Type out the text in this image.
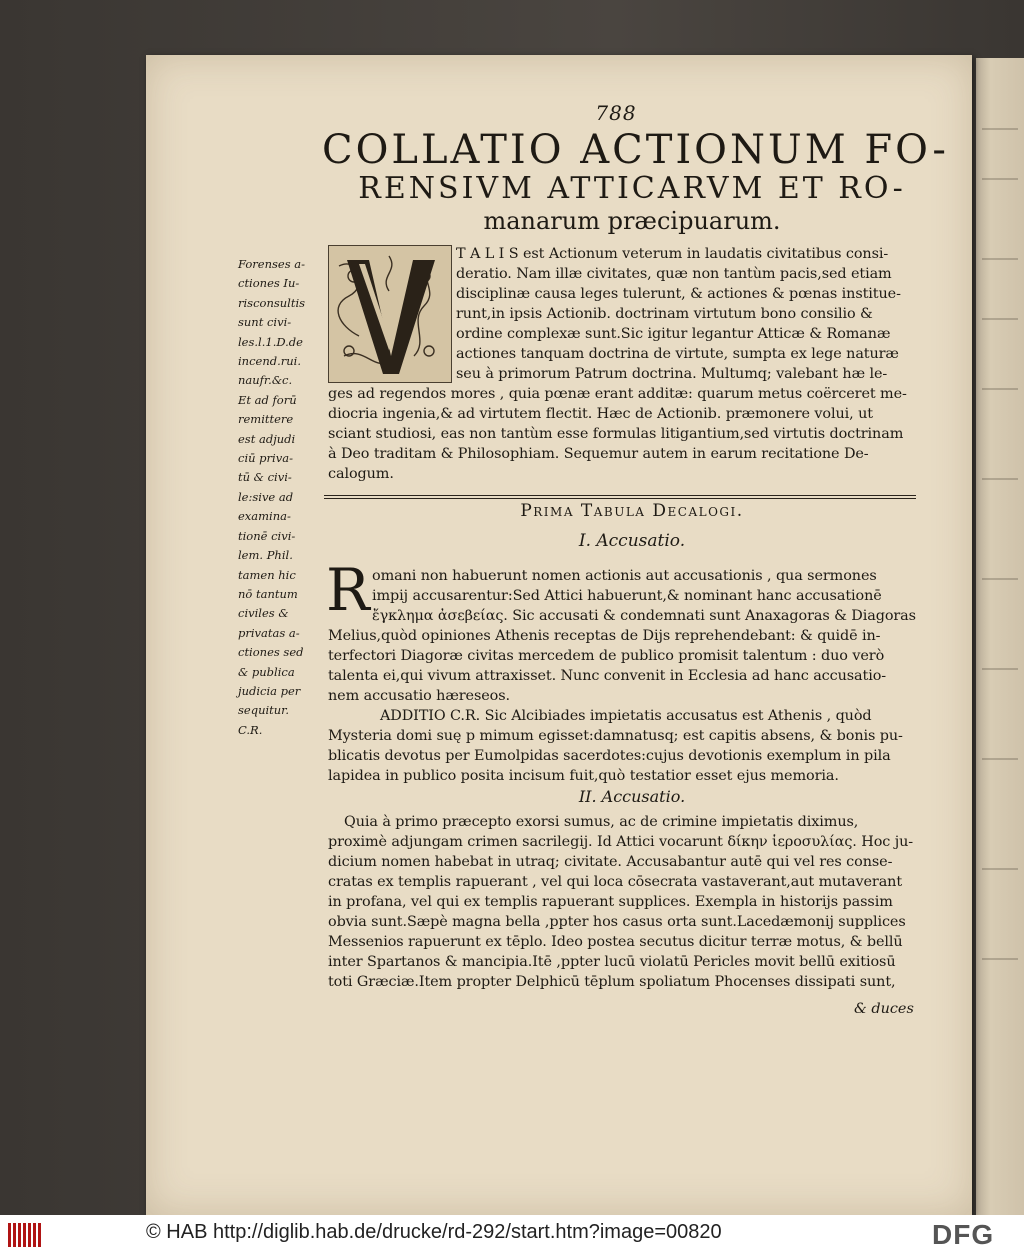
788
COLLATIO ACTIONUM FO-
RENSIVM ATTICARVM ET RO-
manarum præcipuarum.
Forenses a-
ctiones Iu-
risconsultis
sunt civi-
les.l.1.D.de
incend.rui.
naufr.&c.
Et ad forū
remittere
est adjudi
ciū priva-
tū & civi-
le:sive ad
examina-
tionē civi-
lem. Phil.
tamen hic
nō tantum
civiles &
privatas a-
ctiones sed
& publica
judicia per
sequitur.
C.R.
T A L I S est Actionum veterum in laudatis civitatibus consi-
deratio. Nam illæ civitates, quæ non tantùm pacis,sed etiam
disciplinæ causa leges tulerunt, & actiones & pœnas institue-
runt,in ipsis Actionib. doctrinam virtutum bono consilio &
ordine complexæ sunt.Sic igitur legantur Atticæ & Romanæ
actiones tanquam doctrina de virtute, sumpta ex lege naturæ
seu à primorum Patrum doctrina. Multumq; valebant hæ le-
ges ad regendos mores , quia pœnæ erant additæ: quarum metus coërceret me-
diocria ingenia,& ad virtutem flectit. Hæc de Actionib. præmonere volui, ut
sciant studiosi, eas non tantùm esse formulas litigantium,sed virtutis doctrinam
à Deo traditam & Philosophiam. Sequemur autem in earum recitatione De-
calogum.
Prima Tabula Decalogi.
I. Accusatio.
R omani non habuerunt nomen actionis aut accusationis , qua sermones
impij accusarentur:Sed Attici habuerunt,& nominant hanc accusationē
ἔγκλημα ἀσεβείας. Sic accusati & condemnati sunt Anaxagoras & Diagoras
Melius,quòd opiniones Athenis receptas de Dijs reprehendebant: & quidē in-
terfectori Diagoræ civitas mercedem de publico promisit talentum : duo verò
talenta ei,qui vivum attraxisset. Nunc convenit in Ecclesia ad hanc accusatio-
nem accusatio hæreseos.
ADDITIO C.R. Sic Alcibiades impietatis accusatus est Athenis , quòd
Mysteria domi suę p mimum egisset:damnatusq; est capitis absens, & bonis pu-
blicatis devotus per Eumolpidas sacerdotes:cujus devotionis exemplum in pila
lapidea in publico posita incisum fuit,quò testatior esset ejus memoria.
II. Accusatio.
Quia à primo præcepto exorsi sumus, ac de crimine impietatis diximus,
proximè adjungam crimen sacrilegij. Id Attici vocarunt δίκην ἱεροσυλίας. Hoc ju-
dicium nomen habebat in utraq; civitate. Accusabantur autē qui vel res conse-
cratas ex templis rapuerant , vel qui loca cōsecrata vastaverant,aut mutaverant
in profana, vel qui ex templis rapuerant supplices. Exempla in historijs passim
obvia sunt.Sæpè magna bella ,ppter hos casus orta sunt.Lacedæmonij supplices
Messenios rapuerunt ex tēplo. Ideo postea secutus dicitur terræ motus, & bellū
inter Spartanos & mancipia.Itē ,ppter lucū violatū Pericles movit bellū exitiosū
toti Græciæ.Item propter Delphicū tēplum spoliatum Phocenses dissipati sunt,
& duces
© HAB http://diglib.hab.de/drucke/rd-292/start.htm?image=00820	DFG
